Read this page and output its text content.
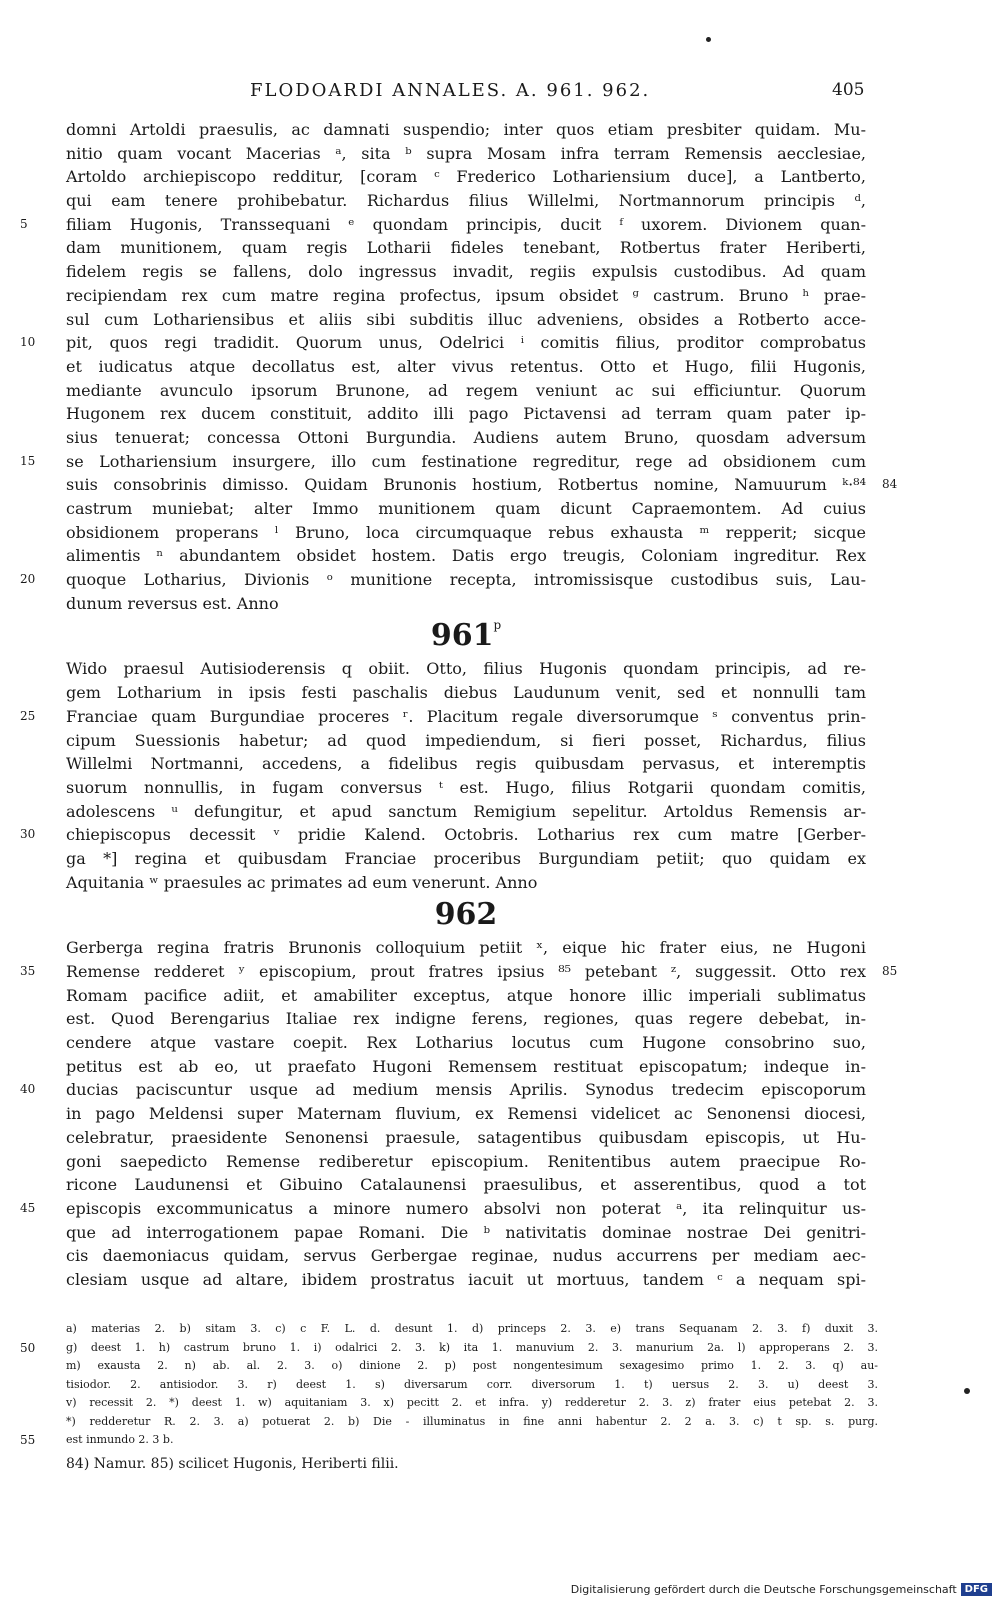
FLODOARDI ANNALES. A. 961. 962.	405
domni Artoldi praesulis, ac damnati suspendio; inter quos etiam presbiter quidam. Mu-
nitio quam vocant Macerias ᵃ, sita ᵇ supra Mosam infra terram Remensis aecclesiae,
Artoldo archiepiscopo redditur, [coram ᶜ Frederico Lothariensium duce], a Lantberto,
qui eam tenere prohibebatur. Richardus filius Willelmi, Nortmannorum principis ᵈ,
5	filiam Hugonis, Transsequani ᵉ quondam principis, ducit ᶠ uxorem. Divionem quan-
dam munitionem, quam regis Lotharii fideles tenebant, Rotbertus frater Heriberti,
fidelem regis se fallens, dolo ingressus invadit, regiis expulsis custodibus. Ad quam
recipiendam rex cum matre regina profectus, ipsum obsidet ᵍ castrum. Bruno ʰ prae-
sul cum Lothariensibus et aliis sibi subditis illuc adveniens, obsides a Rotberto acce-
10	pit, quos regi tradidit. Quorum unus, Odelrici ⁱ comitis filius, proditor comprobatus
et iudicatus atque decollatus est, alter vivus retentus. Otto et Hugo, filii Hugonis,
mediante avunculo ipsorum Brunone, ad regem veniunt ac sui efficiuntur. Quorum
Hugonem rex ducem constituit, addito illi pago Pictavensi ad terram quam pater ip-
sius tenuerat; concessa Ottoni Burgundia. Audiens autem Bruno, quosdam adversum
15	se Lothariensium insurgere, illo cum festinatione regreditur, rege ad obsidionem cum
suis consobrinis dimisso. Quidam Brunonis hostium, Rotbertus nomine, Namuurum ᵏ·⁸⁴ 84
castrum muniebat; alter Immo munitionem quam dicunt Capraemontem. Ad cuius
obsidionem properans ˡ Bruno, loca circumquaque rebus exhausta ᵐ repperit; sicque
alimentis ⁿ abundantem obsidet hostem. Datis ergo treugis, Coloniam ingreditur. Rex
20	quoque Lotharius, Divionis ᵒ munitione recepta, intromissisque custodibus suis, Lau-
dunum reversus est. Anno
961$^p$
Wido praesul Autisioderensis q obiit. Otto, filius Hugonis quondam principis, ad re-
gem Lotharium in ipsis festi paschalis diebus Laudunum venit, sed et nonnulli tam
25	Franciae quam Burgundiae proceres ʳ. Placitum regale diversorumque ˢ conventus prin-
cipum Suessionis habetur; ad quod impediendum, si fieri posset, Richardus, filius
Willelmi Nortmanni, accedens, a fidelibus regis quibusdam pervasus, et interemptis
suorum nonnullis, in fugam conversus ᵗ est. Hugo, filius Rotgarii quondam comitis,
adolescens ᵘ defungitur, et apud sanctum Remigium sepelitur. Artoldus Remensis ar-
30	chiepiscopus decessit ᵛ pridie Kalend. Octobris. Lotharius rex cum matre [Gerber-
ga *] regina et quibusdam Franciae proceribus Burgundiam petiit; quo quidam ex
Aquitania ʷ praesules ac primates ad eum venerunt. Anno
962
Gerberga regina fratris Brunonis colloquium petiit ˣ, eique hic frater eius, ne Hugoni
35	Remense redderet ʸ episcopium, prout fratres ipsius ⁸⁵ petebant ᶻ, suggessit. Otto rex 85
Romam pacifice adiit, et amabiliter exceptus, atque honore illic imperiali sublimatus
est. Quod Berengarius Italiae rex indigne ferens, regiones, quas regere debebat, in-
cendere atque vastare coepit. Rex Lotharius locutus cum Hugone consobrino suo,
petitus est ab eo, ut praefato Hugoni Remensem restituat episcopatum; indeque in-
40	ducias paciscuntur usque ad medium mensis Aprilis. Synodus tredecim episcoporum
in pago Meldensi super Maternam fluvium, ex Remensi videlicet ac Senonensi diocesi,
celebratur, praesidente Senonensi praesule, satagentibus quibusdam episcopis, ut Hu-
goni saepedicto Remense rediberetur episcopium. Renitentibus autem praecipue Ro-
ricone Laudunensi et Gibuino Catalaunensi praesulibus, et asserentibus, quod a tot
45	episcopis excommunicatus a minore numero absolvi non poterat ᵃ, ita relinquitur us-
que ad interrogationem papae Romani. Die ᵇ nativitatis dominae nostrae Dei genitri-
cis daemoniacus quidam, servus Gerbergae reginae, nudus accurrens per mediam aec-
clesiam usque ad altare, ibidem prostratus iacuit ut mortuus, tandem ᶜ a nequam spi-
a) materias 2. b) sitam 3. c) c F. L. d. desunt 1. d) princeps 2. 3. e) trans Sequanam 2. 3. f) duxit 3.
50	g) deest 1. h) castrum bruno 1. i) odalrici 2. 3. k) ita 1. manuvium 2. 3. manurium 2a. l) approperans 2. 3.
m) exausta 2. n) ab. al. 2. 3. o) dinione 2. p) post nongentesimum sexagesimo primo 1. 2. 3. q) au-
tisiodor. 2. antisiodor. 3. r) deest 1. s) diversarum corr. diversorum 1. t) uersus 2. 3. u) deest 3.
v) recessit 2. *) deest 1. w) aquitaniam 3. x) pecitt 2. et infra. y) redderetur 2. 3. z) frater eius petebat 2. 3.
*) redderetur R. 2. 3. a) potuerat 2. b) Die - illuminatus in fine anni habentur 2. 2 a. 3. c) t sp. s. purg.
55	est inmundo 2. 3 b.
84) Namur. 85) scilicet Hugonis, Heriberti filii.
Digitalisierung gefördert durch die Deutsche Forschungsgemeinschaft DFG
